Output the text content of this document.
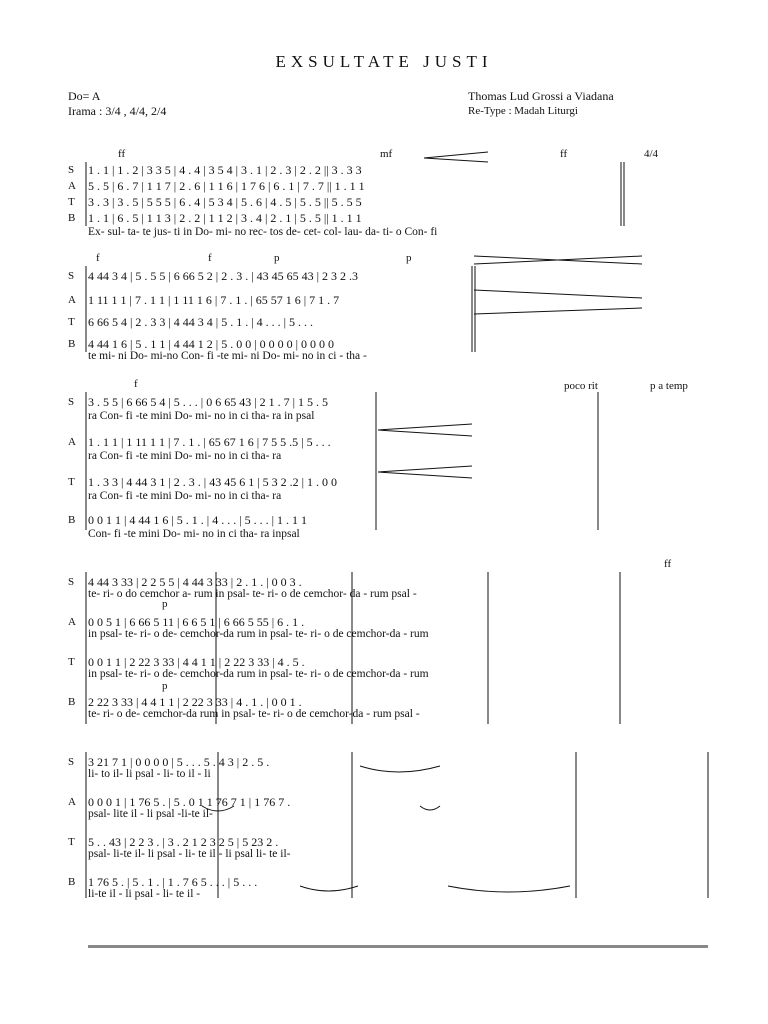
EXSULTATE JUSTI
Do= A
Irama : 3/4 , 4/4, 2/4
Thomas Lud Grossi a Viadana
Re-Type : Madah Liturgi
ff	mf	ff	4/4
S	1 . 1 | 1 . 2 | 3 3 5 | 4 . 4 | 3 5 4 | 3 . 1 | 2 . 3 | 2 . 2 || 3 . 3 3
A	5 . 5 | 6 . 7 | 1 1 7 | 2 . 6 | 1 1 6 | 1 7 6 | 6 . 1 | 7 . 7 || 1 . 1 1
T	3 . 3 | 3 . 5 | 5 5 5 | 6 . 4 | 5 3 4 | 5 . 6 | 4 . 5 | 5 . 5 || 5 . 5 5
B	1 . 1 | 6 . 5 | 1 1 3 | 2 . 2 | 1 1 2 | 3 . 4 | 2 . 1 | 5 . 5 || 1 . 1 1
Ex- sul- ta- te jus- ti in Do- mi- no rec- tos de- cet- col- lau- da- ti- o Con- fi
f	f	p	p
S	4 44 3 4 | 5 . 5 5 | 6 66 5 2 | 2 . 3 . | 43 45 65 43 | 2 3 2 .3
A	1 11 1 1 | 7 . 1 1 | 1 11 1 6 | 7 . 1 . | 65 57 1 6 | 7 1 . 7
T	6 66 5 4 | 2 . 3 3 | 4 44 3 4 | 5 . 1 . | 4 . . . | 5 . . .
B	4 44 1 6 | 5 . 1 1 | 4 44 1 2 | 5 . 0 0 | 0 0 0 0 | 0 0 0 0
te mi- ni Do- mi-no Con- fi -te mi- ni Do- mi- no in ci - tha -
f	poco rit	p a temp
S	3 . 5 5 | 6 66 5 4 | 5 . . . | 0 6 65 43 | 2 1 . 7 | 1 5 . 5
ra Con- fi -te mini Do- mi- no in ci tha- ra in psal
A	1 . 1 1 | 1 11 1 1 | 7 . 1 . | 65 67 1 6 | 7 5 5 .5 | 5 . . .
ra Con- fi -te mini Do- mi- no in ci tha- ra
T	1 . 3 3 | 4 44 3 1 | 2 . 3 . | 43 45 6 1 | 5 3 2 .2 | 1 . 0 0
ra Con- fi -te mini Do- mi- no in ci tha- ra
B	0 0 1 1 | 4 44 1 6 | 5 . 1 . | 4 . . . | 5 . . . | 1 . 1 1
Con- fi -te mini Do- mi- no in ci tha- ra inpsal
p
p
ff
S	4 44 3 33 | 2 2 5 5 | 4 44 3 33 | 2 . 1 . | 0 0 3 .
te- ri- o do cemchor a- rum in psal- te- ri- o de cemchor- da - rum psal -
A	0 0 5 1 | 6 66 5 11 | 6 6 5 1 | 6 66 5 55 | 6 . 1 .
in psal- te- ri- o de- cemchor-da rum in psal- te- ri- o de cemchor-da - rum
T	0 0 1 1 | 2 22 3 33 | 4 4 1 1 | 2 22 3 33 | 4 . 5 .
in psal- te- ri- o de- cemchor-da rum in psal- te- ri- o de cemchor-da - rum
B	2 22 3 33 | 4 4 1 1 | 2 22 3 33 | 4 . 1 . | 0 0 1 .
te- ri- o de- cemchor-da rum in psal- te- ri- o de cemchor-da - rum psal -
S	3 21 7 1 | 0 0 0 0 | 5 . . . 5 . 4 3 | 2 . 5 .
li- to il- li psal - li- to il - li
A	0 0 0 1 | 1 76 5 . | 5 . 0 1 1 76 7 1 | 1 76 7 .
psal- lite il - li psal -li-te il-
T	5 . . 43 | 2 2 3 . | 3 . 2 1 2 3 2 5 | 5 23 2 .
psal- li-te il- li psal - li- te il - li psal li- te il-
B	1 76 5 . | 5 . 1 . | 1 . 7 6 5 . . . | 5 . . .
li-te il - li psal - li- te il -
